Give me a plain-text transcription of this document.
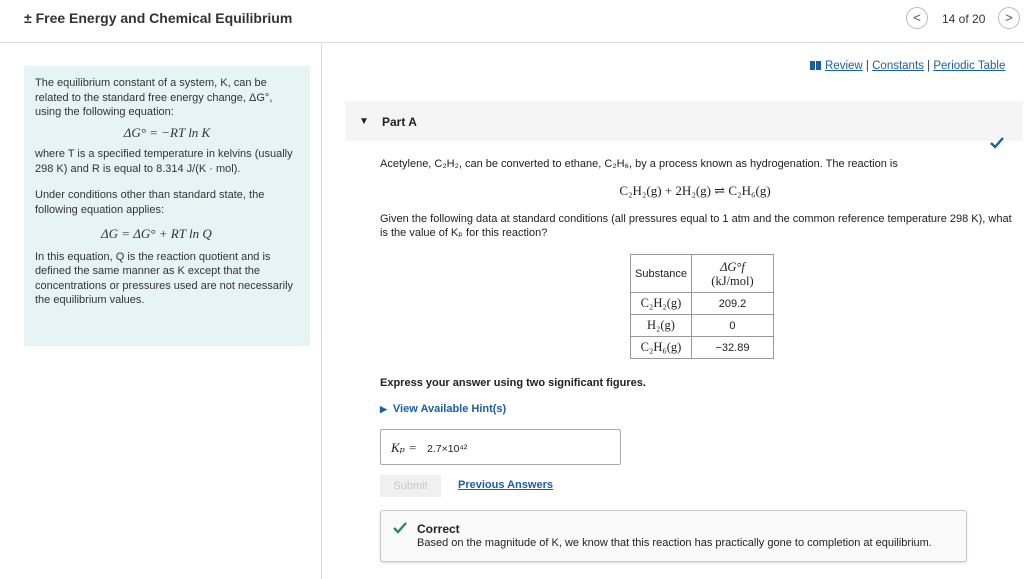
± Free Energy and Chemical Equilibrium	<	14 of 20	>

The equilibrium constant of a system, K, can be related to the standard free energy change, ΔG°, using the following equation:

ΔG° = −RT ln K

where T is a specified temperature in kelvins (usually 298 K) and R is equal to 8.314 J/(K · mol).

Under conditions other than standard state, the following equation applies:

ΔG = ΔG° + RT ln Q

In this equation, Q is the reaction quotient and is defined the same manner as K except that the concentrations or pressures used are not necessarily the equilibrium values.

Review | Constants | Periodic Table
▼ Part A
Acetylene, C₂H₂, can be converted to ethane, C₂H₆, by a process known as hydrogenation. The reaction is
C₂H₂(g) + 2H₂(g) ⇌ C₂H₆(g)
Given the following data at standard conditions (all pressures equal to 1 atm and the common reference temperature 298 K), what is the value of Kₚ for this reaction?
Substance	ΔG°f
(kJ/mol)
C₂H₂(g)	209.2
H₂(g)	0
C₂H₆(g)	−32.89
Express your answer using two significant figures.
▶ View Available Hint(s)
Kₚ = 2.7×10⁴²
Submit	Previous Answers
Correct
Based on the magnitude of K, we know that this reaction has practically gone to completion at equilibrium.
